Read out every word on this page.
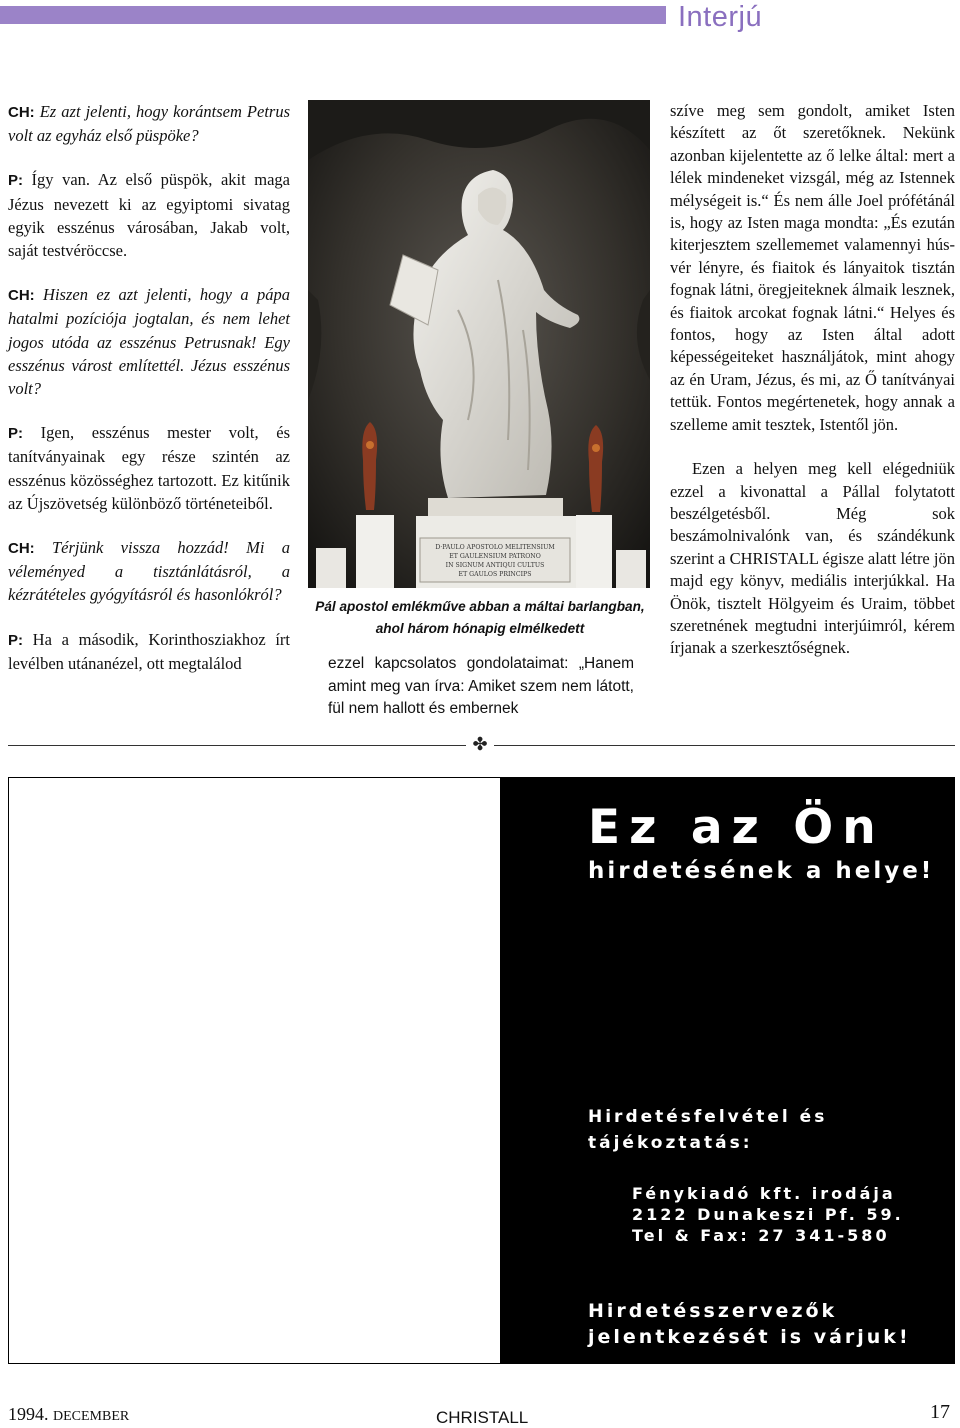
Interjú

CH: Ez azt jelenti, hogy korántsem Petrus volt az egyház első püspöke?

P: Így van. Az első püspök, akit maga Jézus nevezett ki az egyiptomi sivatag egyik esszénus városában, Jakab volt, saját testvéröccse.

CH: Hiszen ez azt jelenti, hogy a pápa hatalmi pozíciója jogtalan, és nem lehet jogos utóda az esszénus Petrusnak! Egy esszénus várost említettél. Jézus esszénus volt?

P: Igen, esszénus mester volt, és tanítványainak egy része szintén az esszénus közösséghez tartozott. Ez kitűnik az Újszövetség különböző történeteiből.

CH: Térjünk vissza hozzád! Mi a véleményed a tisztánlátásról, a kézrátételes gyógyításról és hasonlókról?

P: Ha a második, Korinthosziakhoz írt levélben utánanézel, ott megtalálod

D·PAULO APOSTOLO MELITENSIUM
ET GAULENSIUM PATRONO
IN SIGNUM ANTIQUI CULTUS
ET GAULOS PRINCIPS
Pál apostol emlékműve abban a máltai barlangban, ahol három hónapig elmélkedett
ezzel kapcsolatos gondolataimat: „Hanem amint meg van írva: Amiket szem nem látott, fül nem hallott és embernek

szíve meg sem gondolt, amiket Isten készített az őt szeretőknek. Nekünk azonban kijelentette az ő lelke által: mert a lélek mindeneket vizsgál, még az Istennek mélységeit is.“ És nem álle Joel prófétánál is, hogy az Isten maga mondta: „És ezután kiterjesztem szellememet valamennyi hús-vér lényre, és fiaitok és lányaitok tisztán fognak látni, öregjeiteknek álmaik lesznek, és fiaitok arcokat fognak látni.“ Helyes és fontos, hogy az Isten által adott képességeiteket használjátok, mint ahogy az én Uram, Jézus, és mi, az Ő tanítványai tettük. Fontos megértenetek, hogy annak a szelleme amit tesztek, Istentől jön.

Ezen a helyen meg kell elégedniük ezzel a kivonattal a Pállal folytatott beszélgetésből. Még sok beszámolnivalónk van, és szándékunk szerint a CHRISTALL égisze alatt létre jön majd egy könyv, mediális interjúkkal. Ha Önök, tisztelt Hölgyeim és Uraim, többet szeretnének megtudni interjúimról, kérem írjanak a szerkesztőségnek.

✤
Ez az Ön
hirdetésének a helye!
Hirdetésfelvétel és tájékoztatás:
Fénykiadó kft. irodája
2122 Dunakeszi Pf. 59.
Tel & Fax: 27 341-580
Hirdetésszervezők jelentkezését is várjuk!
1994. DECEMBER	CHRISTALL	17
